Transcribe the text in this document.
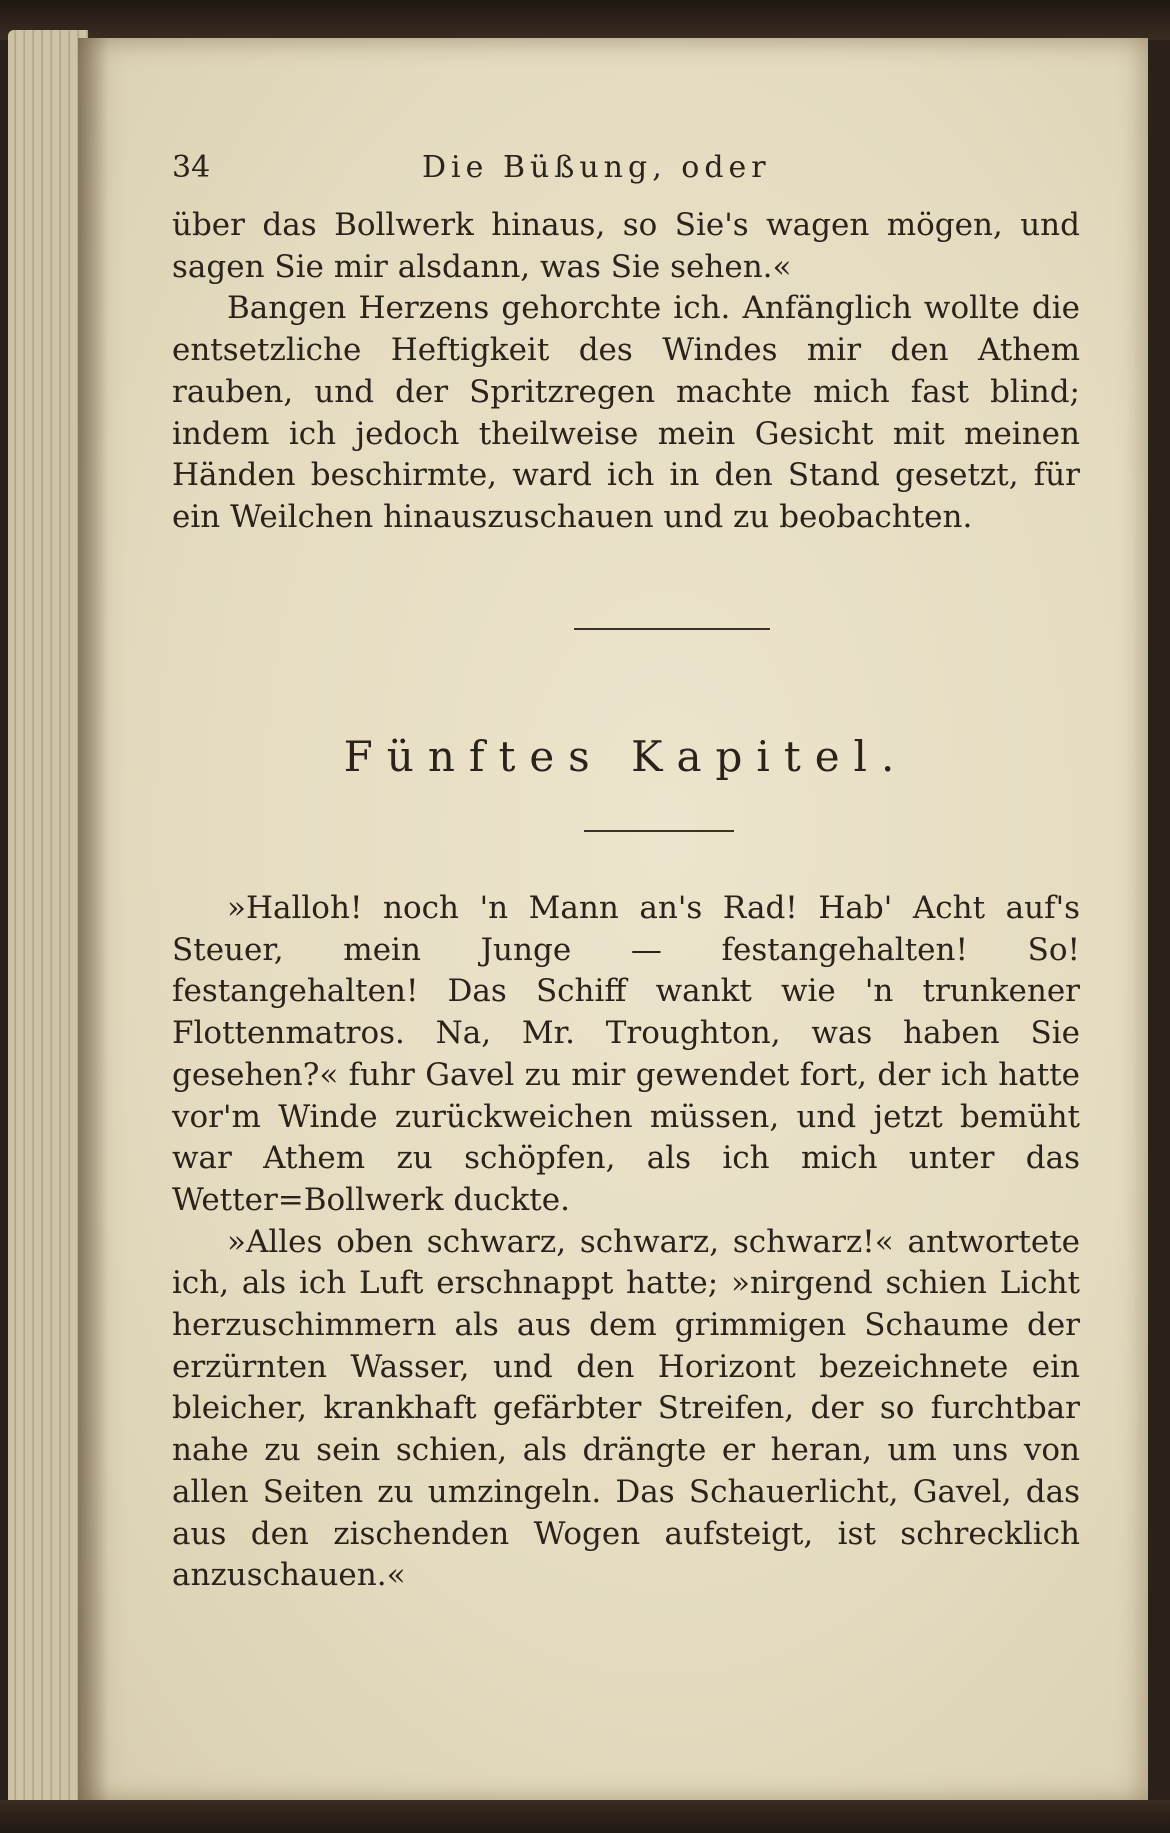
34	Die Büßung, oder

über das Bollwerk hinaus, so Sie's wagen mögen, und sagen Sie mir alsdann, was Sie sehen.«

Bangen Herzens gehorchte ich. Anfänglich wollte die entsetzliche Heftigkeit des Windes mir den Athem rauben, und der Spritzregen machte mich fast blind; indem ich jedoch theilweise mein Gesicht mit meinen Händen beschirmte, ward ich in den Stand gesetzt, für ein Weilchen hinauszuschauen und zu beobachten.

Fünftes Kapitel.

»Halloh! noch 'n Mann an's Rad! Hab' Acht auf's Steuer, mein Junge — festangehalten! So! festangehalten! Das Schiff wankt wie 'n trunkener Flottenmatros. Na, Mr. Troughton, was haben Sie gesehen?« fuhr Gavel zu mir gewendet fort, der ich hatte vor'm Winde zurückweichen müssen, und jetzt bemüht war Athem zu schöpfen, als ich mich unter das Wetter=Bollwerk duckte.

»Alles oben schwarz, schwarz, schwarz!« antwortete ich, als ich Luft erschnappt hatte; »nirgend schien Licht herzuschimmern als aus dem grimmigen Schaume der erzürnten Wasser, und den Horizont bezeichnete ein bleicher, krankhaft gefärbter Streifen, der so furchtbar nahe zu sein schien, als drängte er heran, um uns von allen Seiten zu umzingeln. Das Schauerlicht, Gavel, das aus den zischenden Wogen aufsteigt, ist schrecklich anzuschauen.«
